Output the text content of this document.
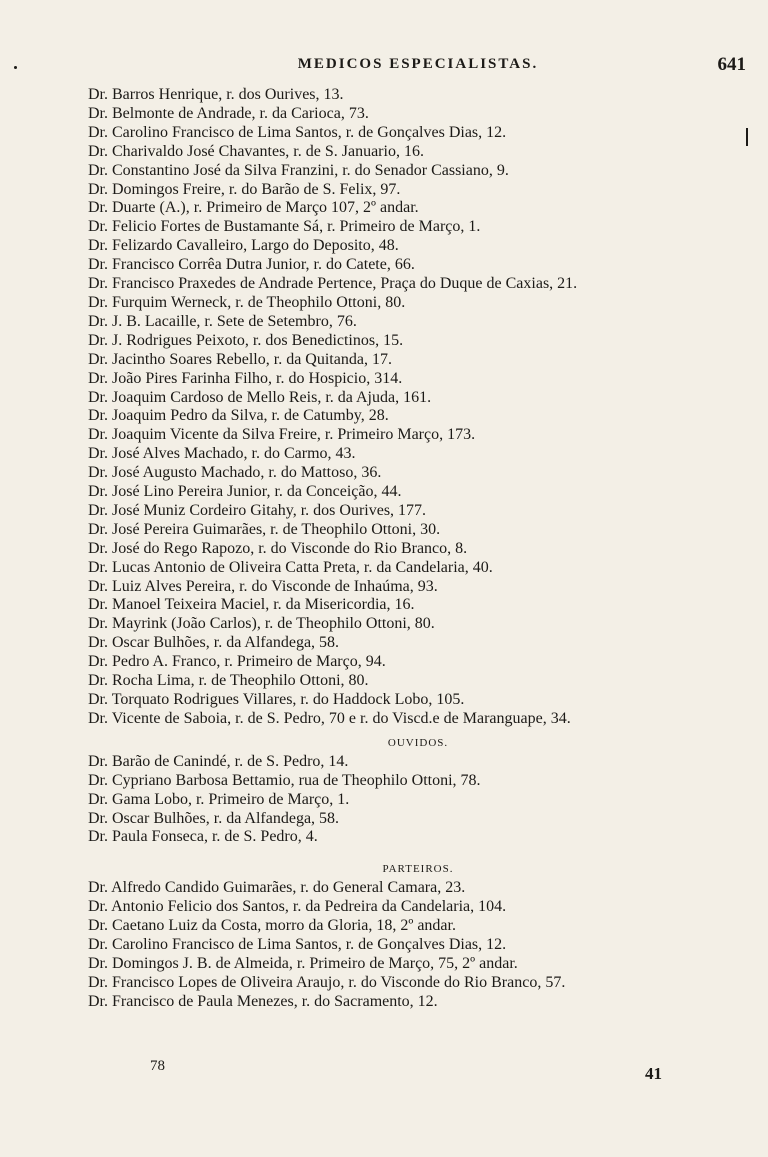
MEDICOS ESPECIALISTAS.	641
Dr. Barros Henrique, r. dos Ourives, 13.
Dr. Belmonte de Andrade, r. da Carioca, 73.
Dr. Carolino Francisco de Lima Santos, r. de Gonçalves Dias, 12.
Dr. Charivaldo José Chavantes, r. de S. Januario, 16.
Dr. Constantino José da Silva Franzini, r. do Senador Cassiano, 9.
Dr. Domingos Freire, r. do Barão de S. Felix, 97.
Dr. Duarte (A.), r. Primeiro de Março 107, 2º andar.
Dr. Felicio Fortes de Bustamante Sá, r. Primeiro de Março, 1.
Dr. Felizardo Cavalleiro, Largo do Deposito, 48.
Dr. Francisco Corrêa Dutra Junior, r. do Catete, 66.
Dr. Francisco Praxedes de Andrade Pertence, Praça do Duque de Caxias, 21.
Dr. Furquim Werneck, r. de Theophilo Ottoni, 80.
Dr. J. B. Lacaille, r. Sete de Setembro, 76.
Dr. J. Rodrigues Peixoto, r. dos Benedictinos, 15.
Dr. Jacintho Soares Rebello, r. da Quitanda, 17.
Dr. João Pires Farinha Filho, r. do Hospicio, 314.
Dr. Joaquim Cardoso de Mello Reis, r. da Ajuda, 161.
Dr. Joaquim Pedro da Silva, r. de Catumby, 28.
Dr. Joaquim Vicente da Silva Freire, r. Primeiro Março, 173.
Dr. José Alves Machado, r. do Carmo, 43.
Dr. José Augusto Machado, r. do Mattoso, 36.
Dr. José Lino Pereira Junior, r. da Conceição, 44.
Dr. José Muniz Cordeiro Gitahy, r. dos Ourives, 177.
Dr. José Pereira Guimarães, r. de Theophilo Ottoni, 30.
Dr. José do Rego Rapozo, r. do Visconde do Rio Branco, 8.
Dr. Lucas Antonio de Oliveira Catta Preta, r. da Candelaria, 40.
Dr. Luiz Alves Pereira, r. do Visconde de Inhaúma, 93.
Dr. Manoel Teixeira Maciel, r. da Misericordia, 16.
Dr. Mayrink (João Carlos), r. de Theophilo Ottoni, 80.
Dr. Oscar Bulhões, r. da Alfandega, 58.
Dr. Pedro A. Franco, r. Primeiro de Março, 94.
Dr. Rocha Lima, r. de Theophilo Ottoni, 80.
Dr. Torquato Rodrigues Villares, r. do Haddock Lobo, 105.
Dr. Vicente de Saboia, r. de S. Pedro, 70 e r. do Viscd.e de Maranguape, 34.
OUVIDOS.
Dr. Barão de Canindé, r. de S. Pedro, 14.
Dr. Cypriano Barbosa Bettamio, rua de Theophilo Ottoni, 78.
Dr. Gama Lobo, r. Primeiro de Março, 1.
Dr. Oscar Bulhões, r. da Alfandega, 58.
Dr. Paula Fonseca, r. de S. Pedro, 4.
PARTEIROS.
Dr. Alfredo Candido Guimarães, r. do General Camara, 23.
Dr. Antonio Felicio dos Santos, r. da Pedreira da Candelaria, 104.
Dr. Caetano Luiz da Costa, morro da Gloria, 18, 2º andar.
Dr. Carolino Francisco de Lima Santos, r. de Gonçalves Dias, 12.
Dr. Domingos J. B. de Almeida, r. Primeiro de Março, 75, 2º andar.
Dr. Francisco Lopes de Oliveira Araujo, r. do Visconde do Rio Branco, 57.
Dr. Francisco de Paula Menezes, r. do Sacramento, 12.
78	41
